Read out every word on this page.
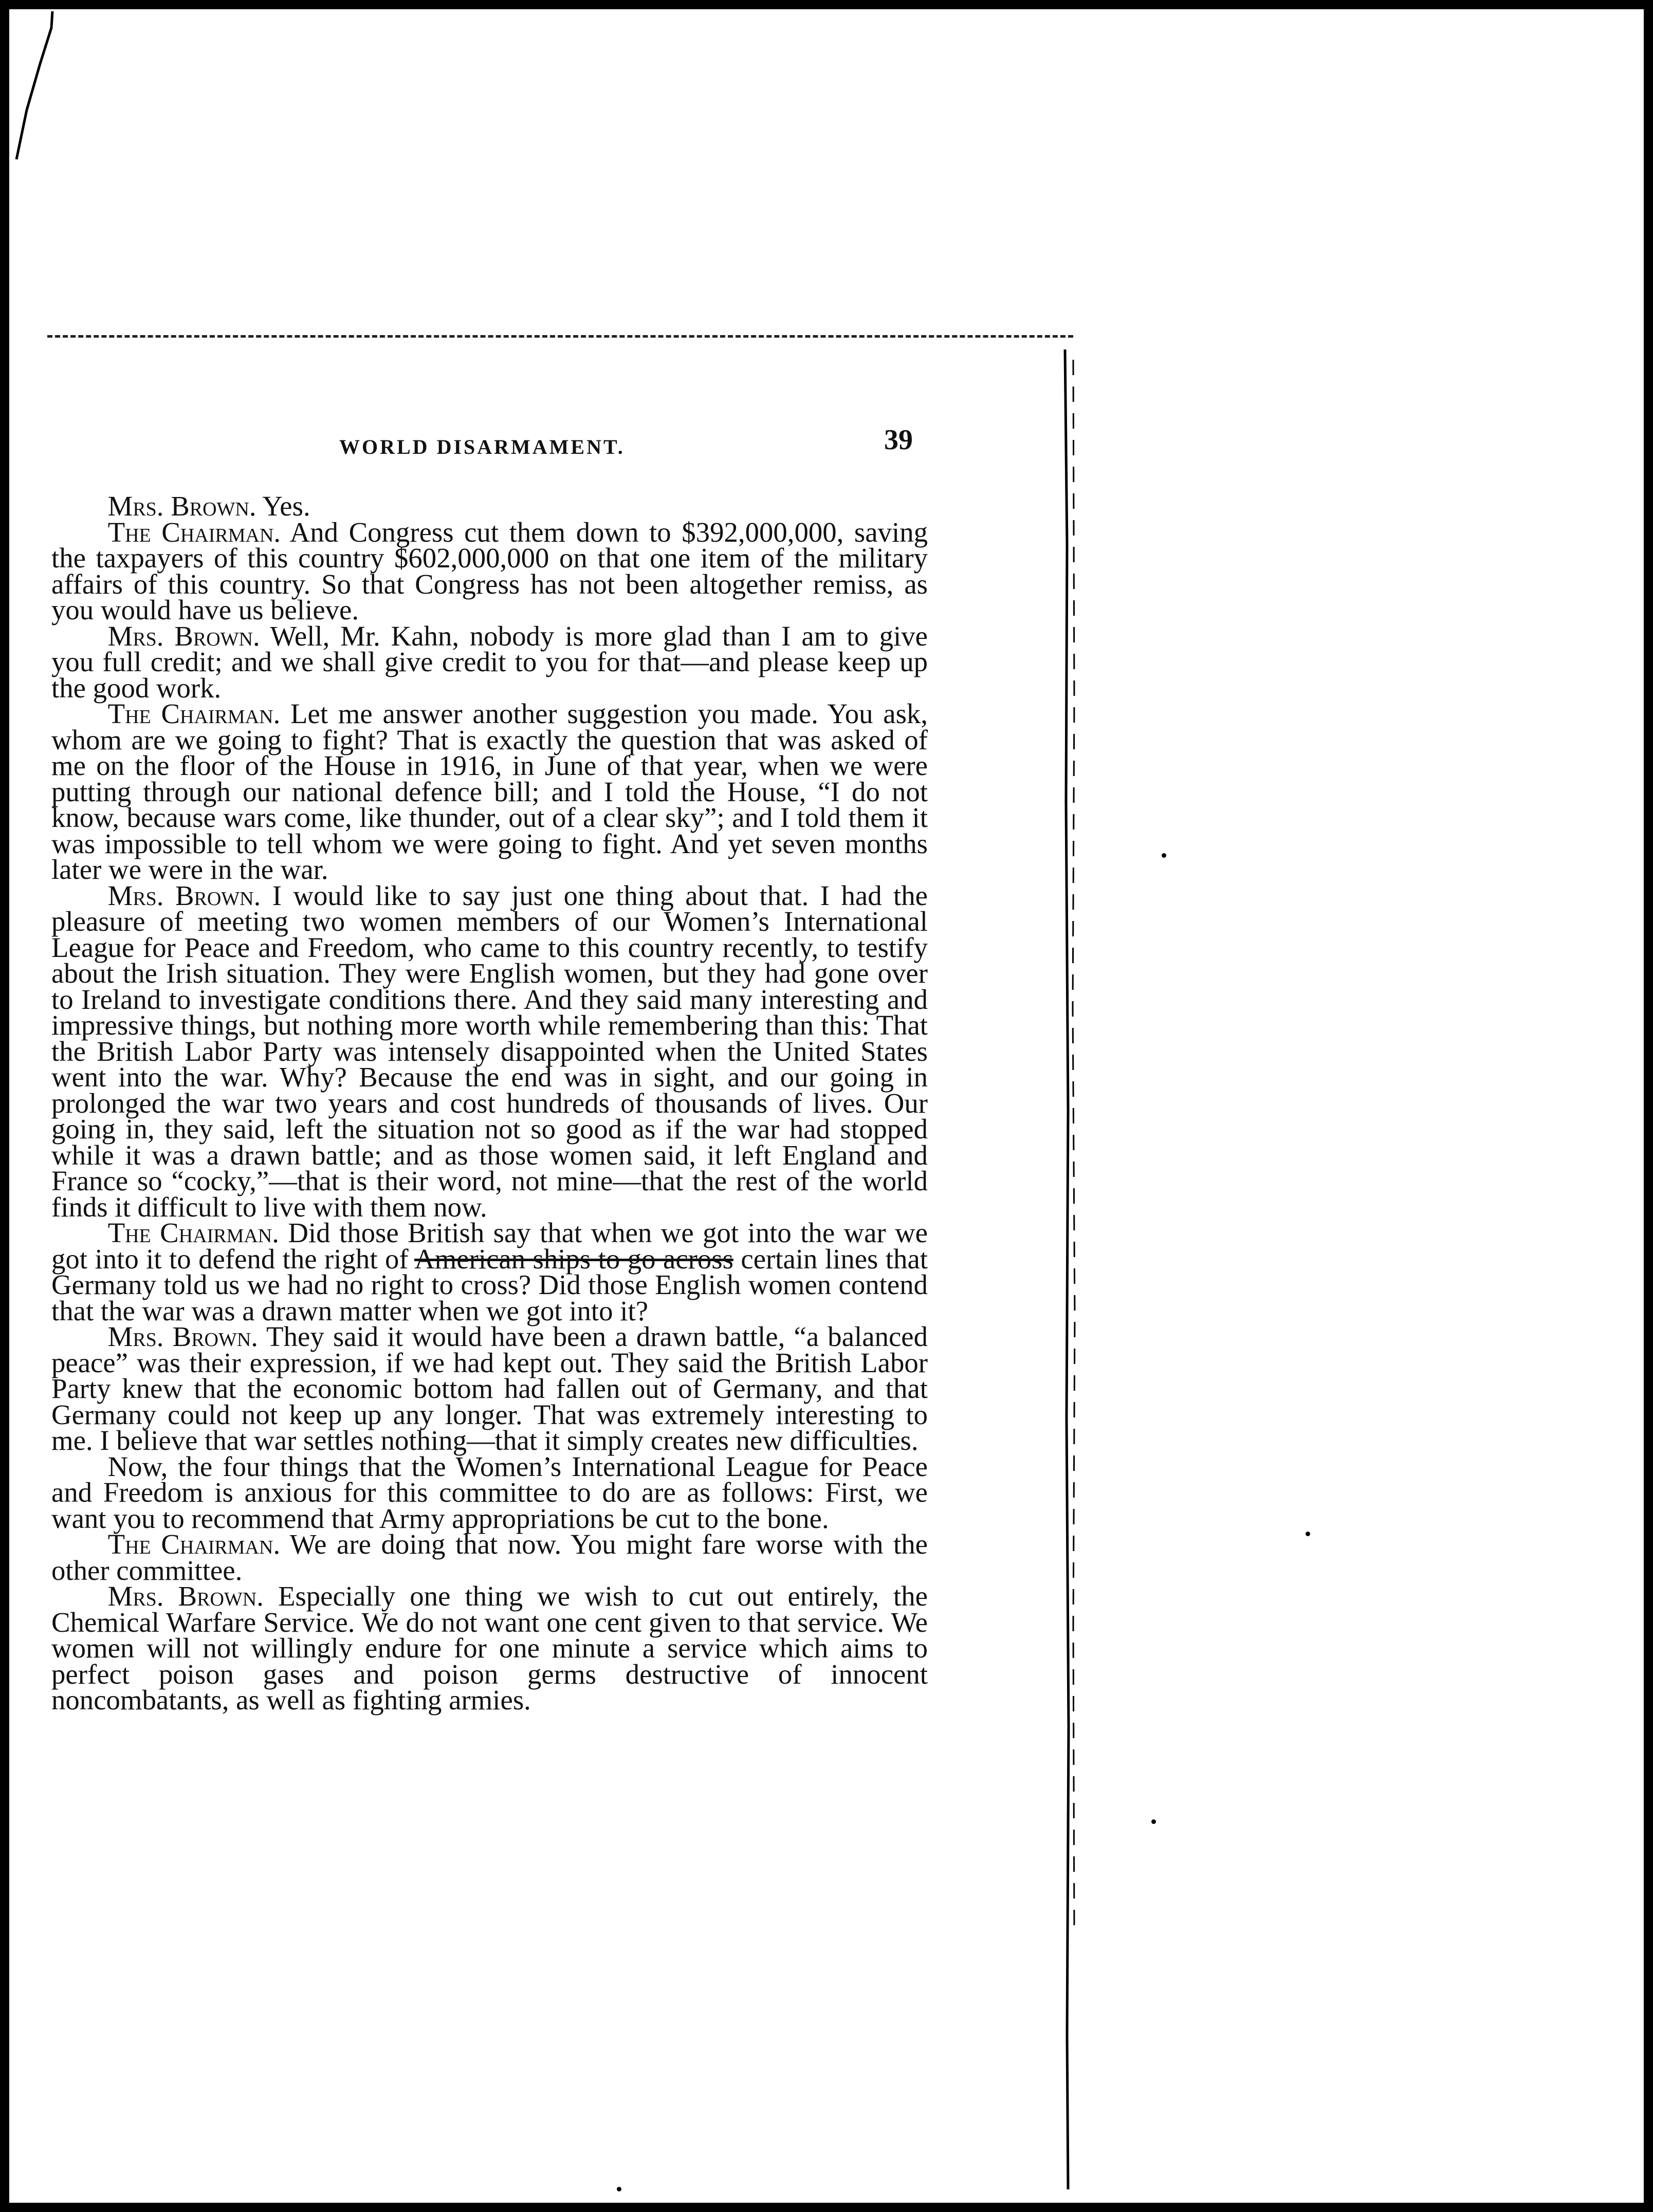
WORLD DISARMAMENT.	39

Mrs. Brown. Yes.

The Chairman. And Congress cut them down to $392,000,000, saving the taxpayers of this country $602,000,000 on that one item of the military affairs of this country. So that Congress has not been altogether remiss, as you would have us believe.

Mrs. Brown. Well, Mr. Kahn, nobody is more glad than I am to give you full credit; and we shall give credit to you for that—and please keep up the good work.

The Chairman. Let me answer another suggestion you made. You ask, whom are we going to fight? That is exactly the question that was asked of me on the floor of the House in 1916, in June of that year, when we were putting through our national defence bill; and I told the House, “I do not know, because wars come, like thunder, out of a clear sky”; and I told them it was impossible to tell whom we were going to fight. And yet seven months later we were in the war.

Mrs. Brown. I would like to say just one thing about that. I had the pleasure of meeting two women members of our Women’s International League for Peace and Freedom, who came to this country recently, to testify about the Irish situation. They were English women, but they had gone over to Ireland to investigate conditions there. And they said many interesting and impressive things, but nothing more worth while remembering than this: That the British Labor Party was intensely disappointed when the United States went into the war. Why? Because the end was in sight, and our going in prolonged the war two years and cost hundreds of thousands of lives. Our going in, they said, left the situation not so good as if the war had stopped while it was a drawn battle; and as those women said, it left England and France so “cocky,”—that is their word, not mine—that the rest of the world finds it difficult to live with them now.

The Chairman. Did those British say that when we got into the war we got into it to defend the right of American ships to go across certain lines that Germany told us we had no right to cross? Did those English women contend that the war was a drawn matter when we got into it?

Mrs. Brown. They said it would have been a drawn battle, “a balanced peace” was their expression, if we had kept out. They said the British Labor Party knew that the economic bottom had fallen out of Germany, and that Germany could not keep up any longer. That was extremely interesting to me. I believe that war settles nothing—that it simply creates new difficulties.

Now, the four things that the Women’s International League for Peace and Freedom is anxious for this committee to do are as follows: First, we want you to recommend that Army appropriations be cut to the bone.

The Chairman. We are doing that now. You might fare worse with the other committee.

Mrs. Brown. Especially one thing we wish to cut out entirely, the Chemical Warfare Service. We do not want one cent given to that service. We women will not willingly endure for one minute a service which aims to perfect poison gases and poison germs destructive of innocent noncombatants, as well as fighting armies.
